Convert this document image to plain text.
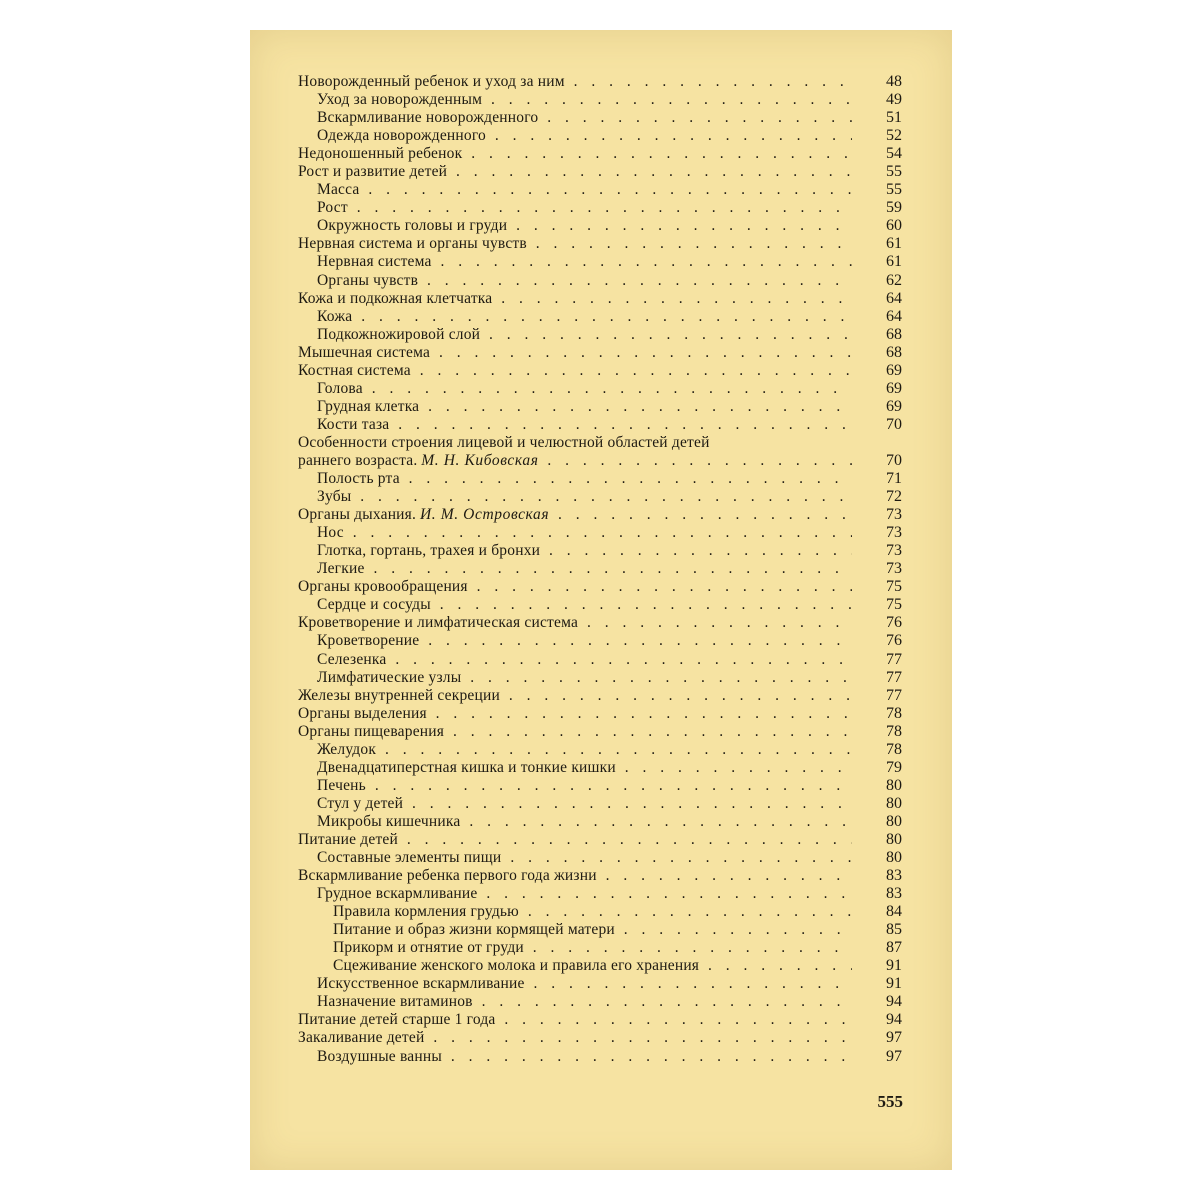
Новорожденный ребенок и уход за ним . . .	48
Уход за новорожденным . . .	49
Вскармливание новорожденного . . .	51
Одежда новорожденного . . .	52
Недоношенный ребенок . . .	54
Рост и развитие детей . . .	55
Масса . . .	55
Рост . . .	59
Окружность головы и груди . . .	60
Нервная система и органы чувств . . .	61
Нервная система . . .	61
Органы чувств . . .	62
Кожа и подкожная клетчатка . . .	64
Кожа . . .	64
Подкожножировой слой . . .	68
Мышечная система . . .	68
Костная система . . .	69
Голова . . .	69
Грудная клетка . . .	69
Кости таза . . .	70
Особенности строения лицевой и челюстной областей детей
раннего возраста. М. Н. Кибовская . . .	70
Полость рта . . .	71
Зубы . . .	72
Органы дыхания. И. М. Островская . . .	73
Нос . . .	73
Глотка, гортань, трахея и бронхи . . .	73
Легкие . . .	73
Органы кровообращения . . .	75
Сердце и сосуды . . .	75
Кроветворение и лимфатическая система . . .	76
Кроветворение . . .	76
Селезенка . . .	77
Лимфатические узлы . . .	77
Железы внутренней секреции . . .	77
Органы выделения . . .	78
Органы пищеварения . . .	78
Желудок . . .	78
Двенадцатиперстная кишка и тонкие кишки . . .	79
Печень . . .	80
Стул у детей . . .	80
Микробы кишечника . . .	80
Питание детей . . .	80
Составные элементы пищи . . .	80
Вскармливание ребенка первого года жизни . . .	83
Грудное вскармливание . . .	83
Правила кормления грудью . . .	84
Питание и образ жизни кормящей матери . . .	85
Прикорм и отнятие от груди . . .	87
Сцеживание женского молока и правила его хранения . . .	91
Искусственное вскармливание . . .	91
Назначение витаминов . . .	94
Питание детей старше 1 года . . .	94
Закаливание детей . . .	97
Воздушные ванны . . .	97
555
